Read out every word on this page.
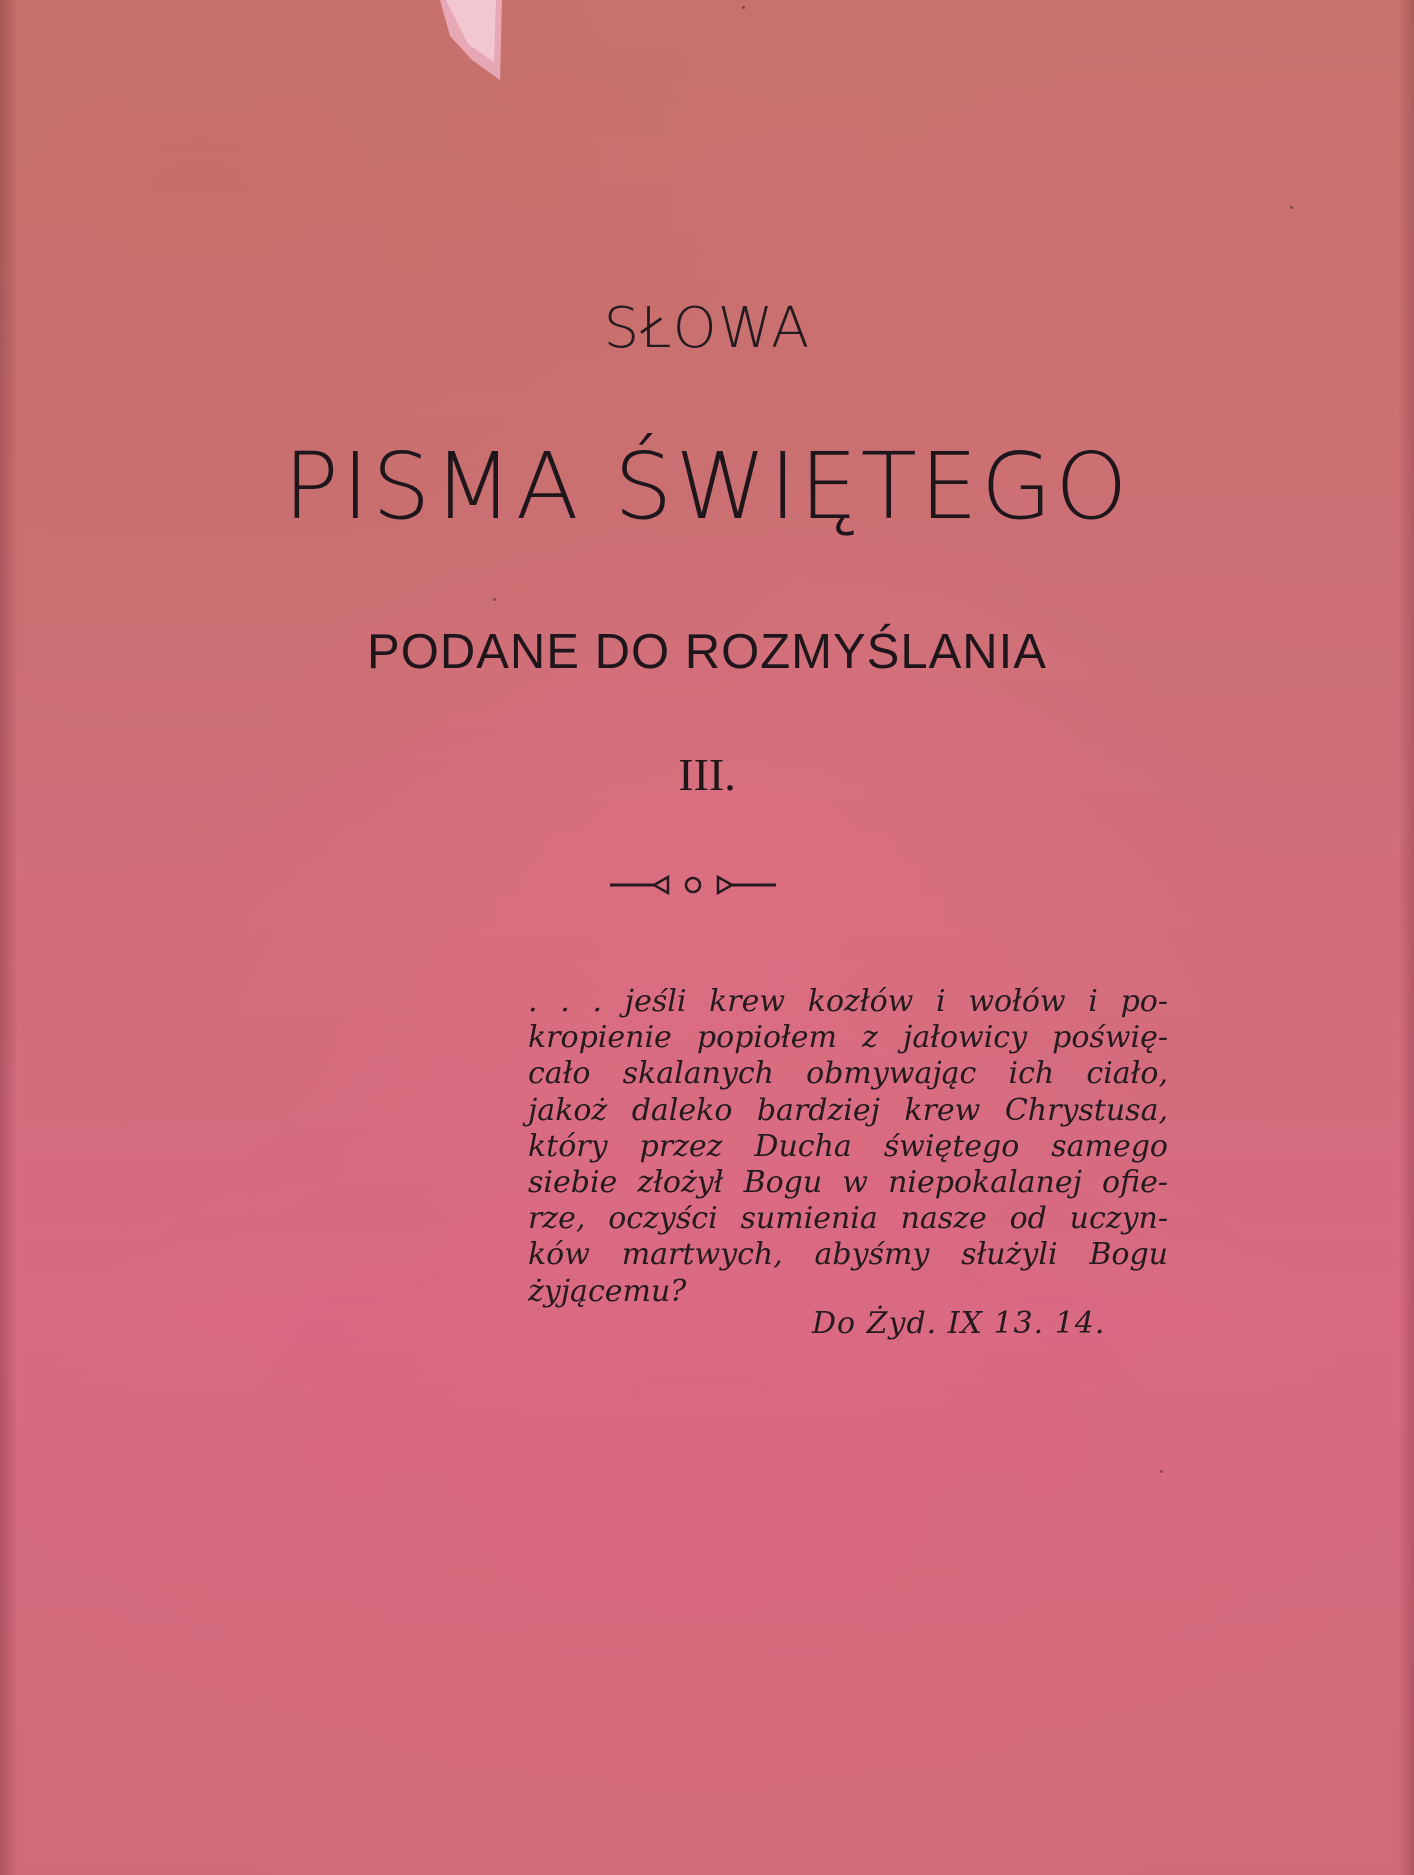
SŁOWA
PISMA ŚWIĘTEGO
PODANE DO ROZMYŚLANIA
III.
. . . jeśli krew kozłów i wołów i po-
kropienie popiołem z jałowicy poświę-
cało skalanych obmywając ich ciało,
jakoż daleko bardziej krew Chrystusa,
który przez Ducha świętego samego
siebie złożył Bogu w niepokalanej ofie-
rze, oczyści sumienia nasze od uczyn-
ków martwych, abyśmy służyli Bogu
żyjącemu?
Do Żyd. IX 13. 14.
